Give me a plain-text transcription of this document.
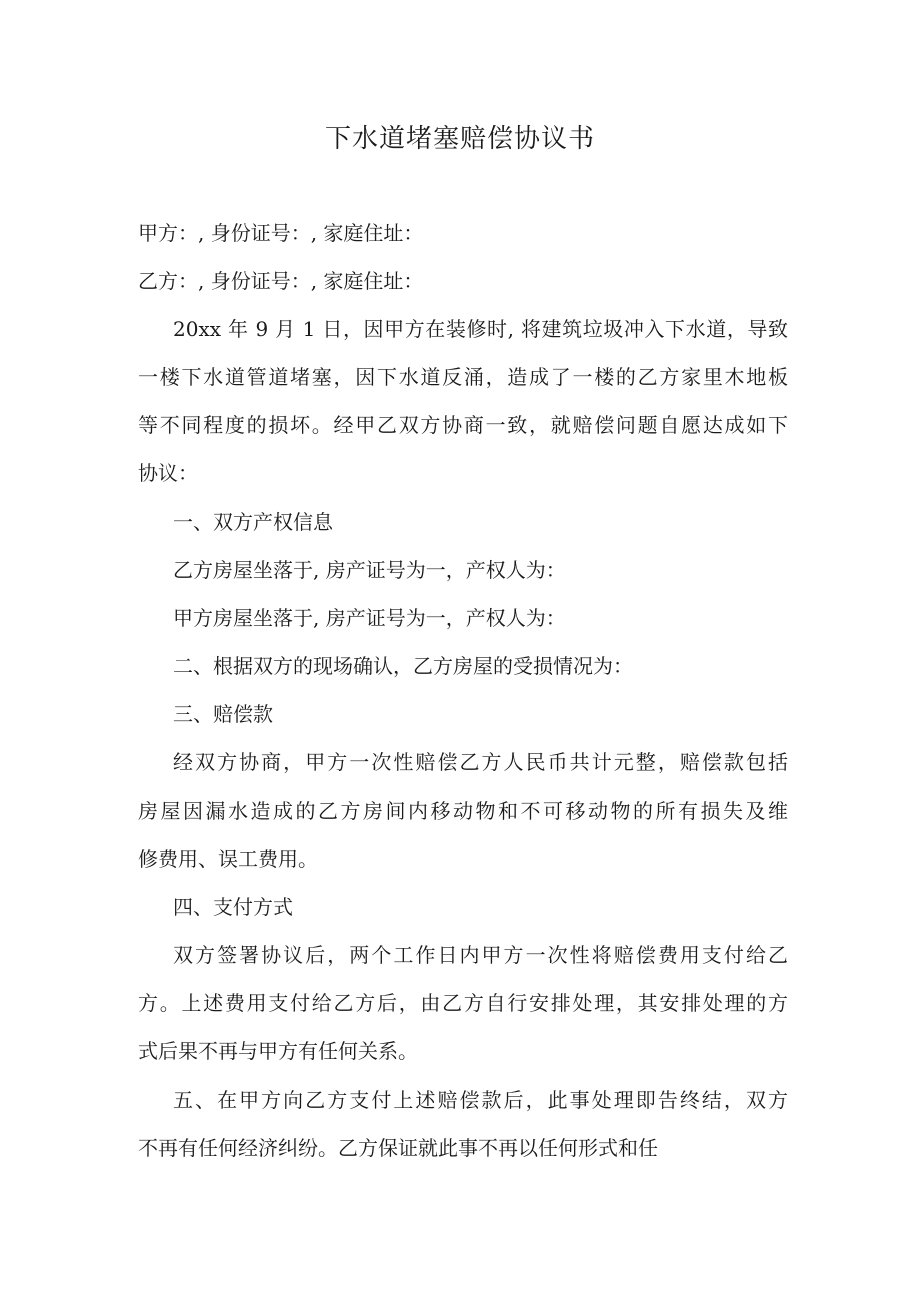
下水道堵塞赔偿协议书
甲方：, 身份证号：, 家庭住址：
乙方：, 身份证号：, 家庭住址：
20xx 年 9 月 1 日，因甲方在装修时, 将建筑垃圾冲入下水道，导致
一楼下水道管道堵塞，因下水道反涌，造成了一楼的乙方家里木地板
等不同程度的损坏。经甲乙双方协商一致，就赔偿问题自愿达成如下
协议：
一、双方产权信息
乙方房屋坐落于, 房产证号为一，产权人为：
甲方房屋坐落于, 房产证号为一，产权人为：
二、根据双方的现场确认，乙方房屋的受损情况为：
三、赔偿款
经双方协商，甲方一次性赔偿乙方人民币共计元整，赔偿款包括
房屋因漏水造成的乙方房间内移动物和不可移动物的所有损失及维
修费用、误工费用。
四、支付方式
双方签署协议后，两个工作日内甲方一次性将赔偿费用支付给乙
方。上述费用支付给乙方后，由乙方自行安排处理，其安排处理的方
式后果不再与甲方有任何关系。
五、在甲方向乙方支付上述赔偿款后，此事处理即告终结，双方
不再有任何经济纠纷。乙方保证就此事不再以任何形式和任
